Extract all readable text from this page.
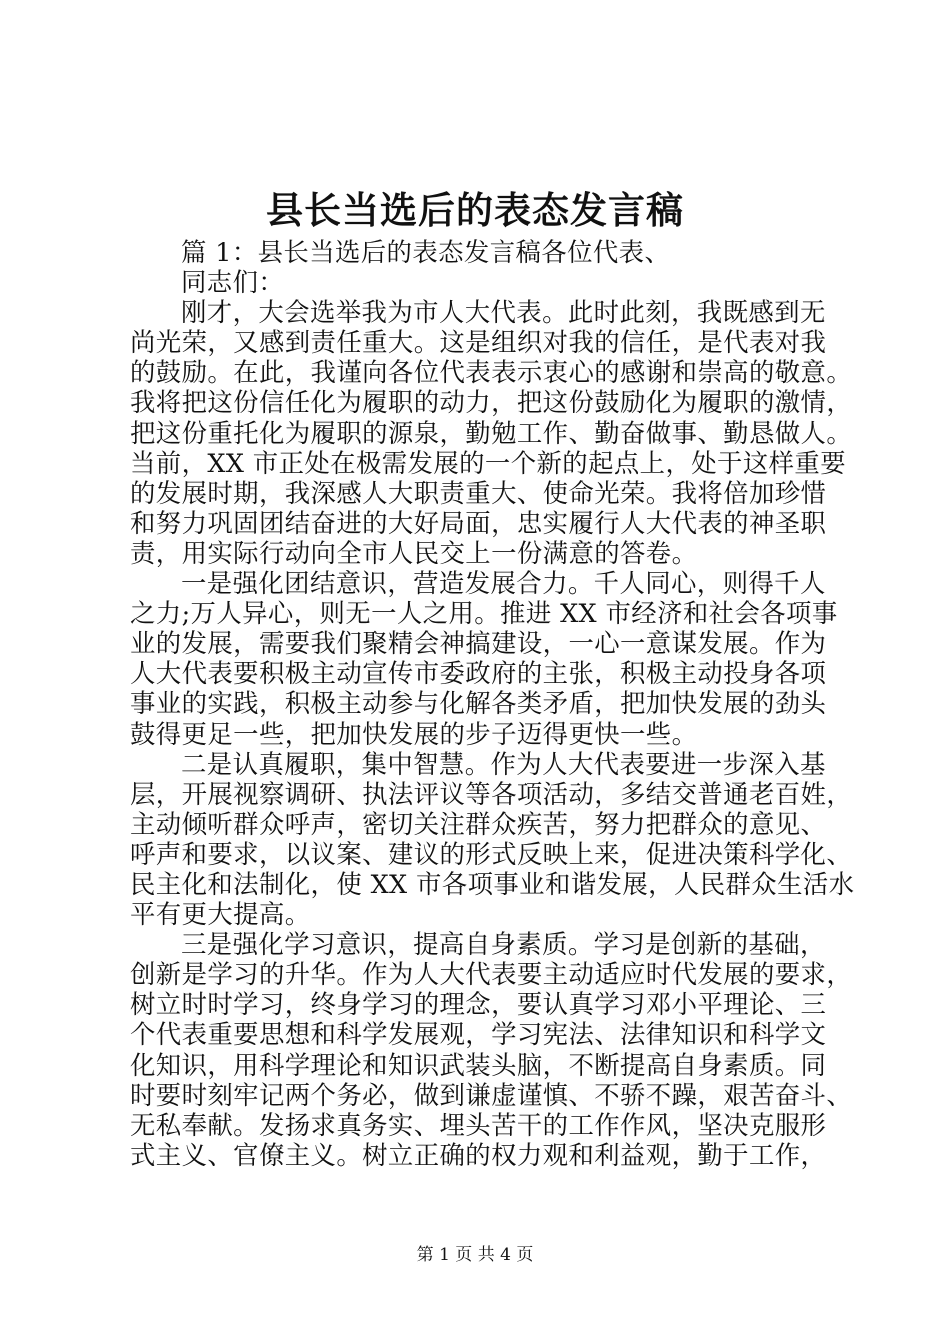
县长当选后的表态发言稿
篇 1：县长当选后的表态发言稿各位代表、
同志们：
刚才，大会选举我为市人大代表。此时此刻，我既感到无
尚光荣，又感到责任重大。这是组织对我的信任，是代表对我
的鼓励。在此，我谨向各位代表表示衷心的感谢和崇高的敬意。
我将把这份信任化为履职的动力，把这份鼓励化为履职的激情，
把这份重托化为履职的源泉，勤勉工作、勤奋做事、勤恳做人。
当前，XX 市正处在极需发展的一个新的起点上，处于这样重要
的发展时期，我深感人大职责重大、使命光荣。我将倍加珍惜
和努力巩固团结奋进的大好局面，忠实履行人大代表的神圣职
责，用实际行动向全市人民交上一份满意的答卷。
一是强化团结意识，营造发展合力。千人同心，则得千人
之力;万人异心，则无一人之用。推进 XX 市经济和社会各项事
业的发展，需要我们聚精会神搞建设，一心一意谋发展。作为
人大代表要积极主动宣传市委政府的主张，积极主动投身各项
事业的实践，积极主动参与化解各类矛盾，把加快发展的劲头
鼓得更足一些，把加快发展的步子迈得更快一些。
二是认真履职，集中智慧。作为人大代表要进一步深入基
层，开展视察调研、执法评议等各项活动，多结交普通老百姓，
主动倾听群众呼声，密切关注群众疾苦，努力把群众的意见、
呼声和要求，以议案、建议的形式反映上来，促进决策科学化、
民主化和法制化，使 XX 市各项事业和谐发展，人民群众生活水
平有更大提高。
三是强化学习意识，提高自身素质。学习是创新的基础，
创新是学习的升华。作为人大代表要主动适应时代发展的要求，
树立时时学习，终身学习的理念，要认真学习邓小平理论、三
个代表重要思想和科学发展观，学习宪法、法律知识和科学文
化知识，用科学理论和知识武装头脑，不断提高自身素质。同
时要时刻牢记两个务必，做到谦虚谨慎、不骄不躁，艰苦奋斗、
无私奉献。发扬求真务实、埋头苦干的工作作风，坚决克服形
式主义、官僚主义。树立正确的权力观和利益观，勤于工作，
第 1 页 共 4 页
